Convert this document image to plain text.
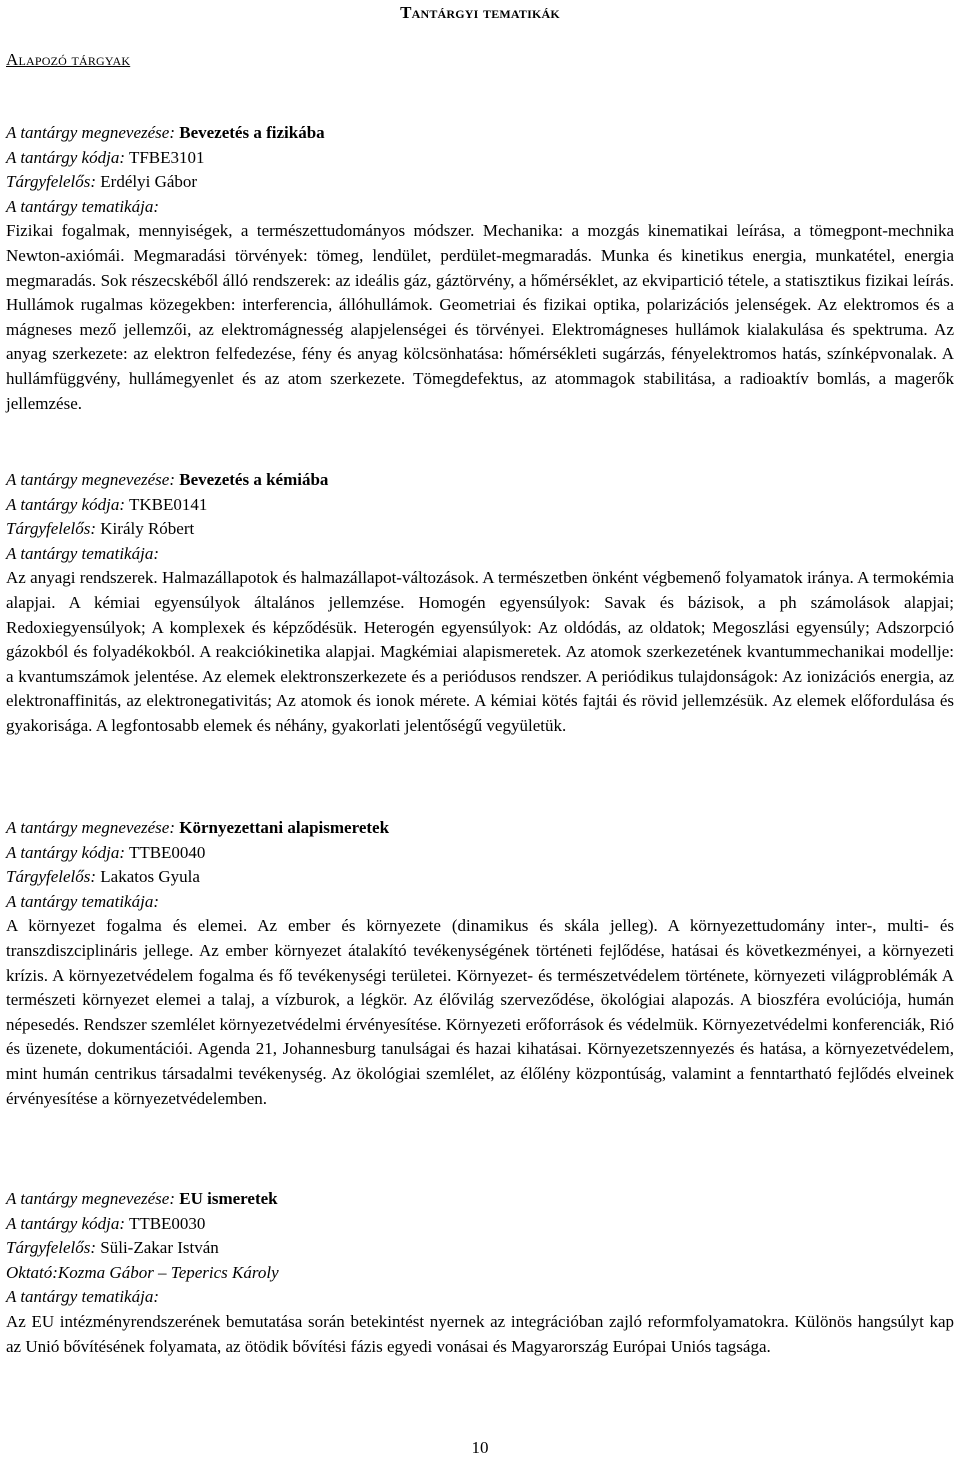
Tantárgyi tematikák
Alapozó tárgyak

A tantárgy megnevezése: Bevezetés a fizikába

A tantárgy kódja: TFBE3101

Tárgyfelelős: Erdélyi Gábor

A tantárgy tematikája:

Fizikai fogalmak, mennyiségek, a természettudományos módszer. Mechanika: a mozgás kinematikai leírása, a tömegpont-mechnika Newton-axiómái. Megmaradási törvények: tömeg, lendület, perdület-megmaradás. Munka és kinetikus energia, munkatétel, energia megmaradás. Sok részecskéből álló rendszerek: az ideális gáz, gáztörvény, a hőmérséklet, az ekvipartició tétele, a statisztikus fizikai leírás. Hullámok rugalmas közegekben: interferencia, állóhullámok. Geometriai és fizikai optika, polarizációs jelenségek. Az elektromos és a mágneses mező jellemzői, az elektromágnesség alapjelenségei és törvényei. Elektromágneses hullámok kialakulása és spektruma. Az anyag szerkezete: az elektron felfedezése, fény és anyag kölcsönhatása: hőmérsékleti sugárzás, fényelektromos hatás, színképvonalak. A hullámfüggvény, hullámegyenlet és az atom szerkezete. Tömegdefektus, az atommagok stabilitása, a radioaktív bomlás, a magerők jellemzése.

A tantárgy megnevezése: Bevezetés a kémiába

A tantárgy kódja: TKBE0141

Tárgyfelelős: Király Róbert

A tantárgy tematikája:

Az anyagi rendszerek. Halmazállapotok és halmazállapot-változások. A természetben önként végbemenő folyamatok iránya. A termokémia alapjai. A kémiai egyensúlyok általános jellemzése. Homogén egyensúlyok: Savak és bázisok, a ph számolások alapjai; Redoxiegyensúlyok; A komplexek és képződésük. Heterogén egyensúlyok: Az oldódás, az oldatok; Megoszlási egyensúly; Adszorpció gázokból és folyadékokból. A reakciókinetika alapjai. Magkémiai alapismeretek. Az atomok szerkezetének kvantummechanikai modellje: a kvantumszámok jelentése. Az elemek elektronszerkezete és a periódusos rendszer. A periódikus tulajdonságok: Az ionizációs energia, az elektronaffinitás, az elektronegativitás; Az atomok és ionok mérete. A kémiai kötés fajtái és rövid jellemzésük. Az elemek előfordulása és gyakorisága. A legfontosabb elemek és néhány, gyakorlati jelentőségű vegyületük.

A tantárgy megnevezése: Környezettani alapismeretek

A tantárgy kódja: TTBE0040

Tárgyfelelős: Lakatos Gyula

A tantárgy tematikája:

A környezet fogalma és elemei. Az ember és környezete (dinamikus és skála jelleg). A környezettudomány inter-, multi- és transzdiszciplináris jellege. Az ember környezet átalakító tevékenységének történeti fejlődése, hatásai és következményei, a környezeti krízis. A környezetvédelem fogalma és fő tevékenységi területei. Környezet- és természetvédelem története, környezeti világproblémák A természeti környezet elemei a talaj, a vízburok, a légkör. Az élővilág szerveződése, ökológiai alapozás. A bioszféra evolúciója, humán népesedés. Rendszer szemlélet környezetvédelmi érvényesítése. Környezeti erőforrások és védelmük. Környezetvédelmi konferenciák, Rió és üzenete, dokumentációi. Agenda 21, Johannesburg tanulságai és hazai kihatásai. Környezetszennyezés és hatása, a környezetvédelem, mint humán centrikus társadalmi tevékenység. Az ökológiai szemlélet, az élőlény központúság, valamint a fenntartható fejlődés elveinek érvényesítése a környezetvédelemben.

A tantárgy megnevezése: EU ismeretek

A tantárgy kódja: TTBE0030

Tárgyfelelős: Süli-Zakar István

Oktató:Kozma Gábor – Teperics Károly

A tantárgy tematikája:

Az EU intézményrendszerének bemutatása során betekintést nyernek az integrációban zajló reformfolyamatokra. Különös hangsúlyt kap az Unió bővítésének folyamata, az ötödik bővítési fázis egyedi vonásai és Magyarország Európai Uniós tagsága.

10
